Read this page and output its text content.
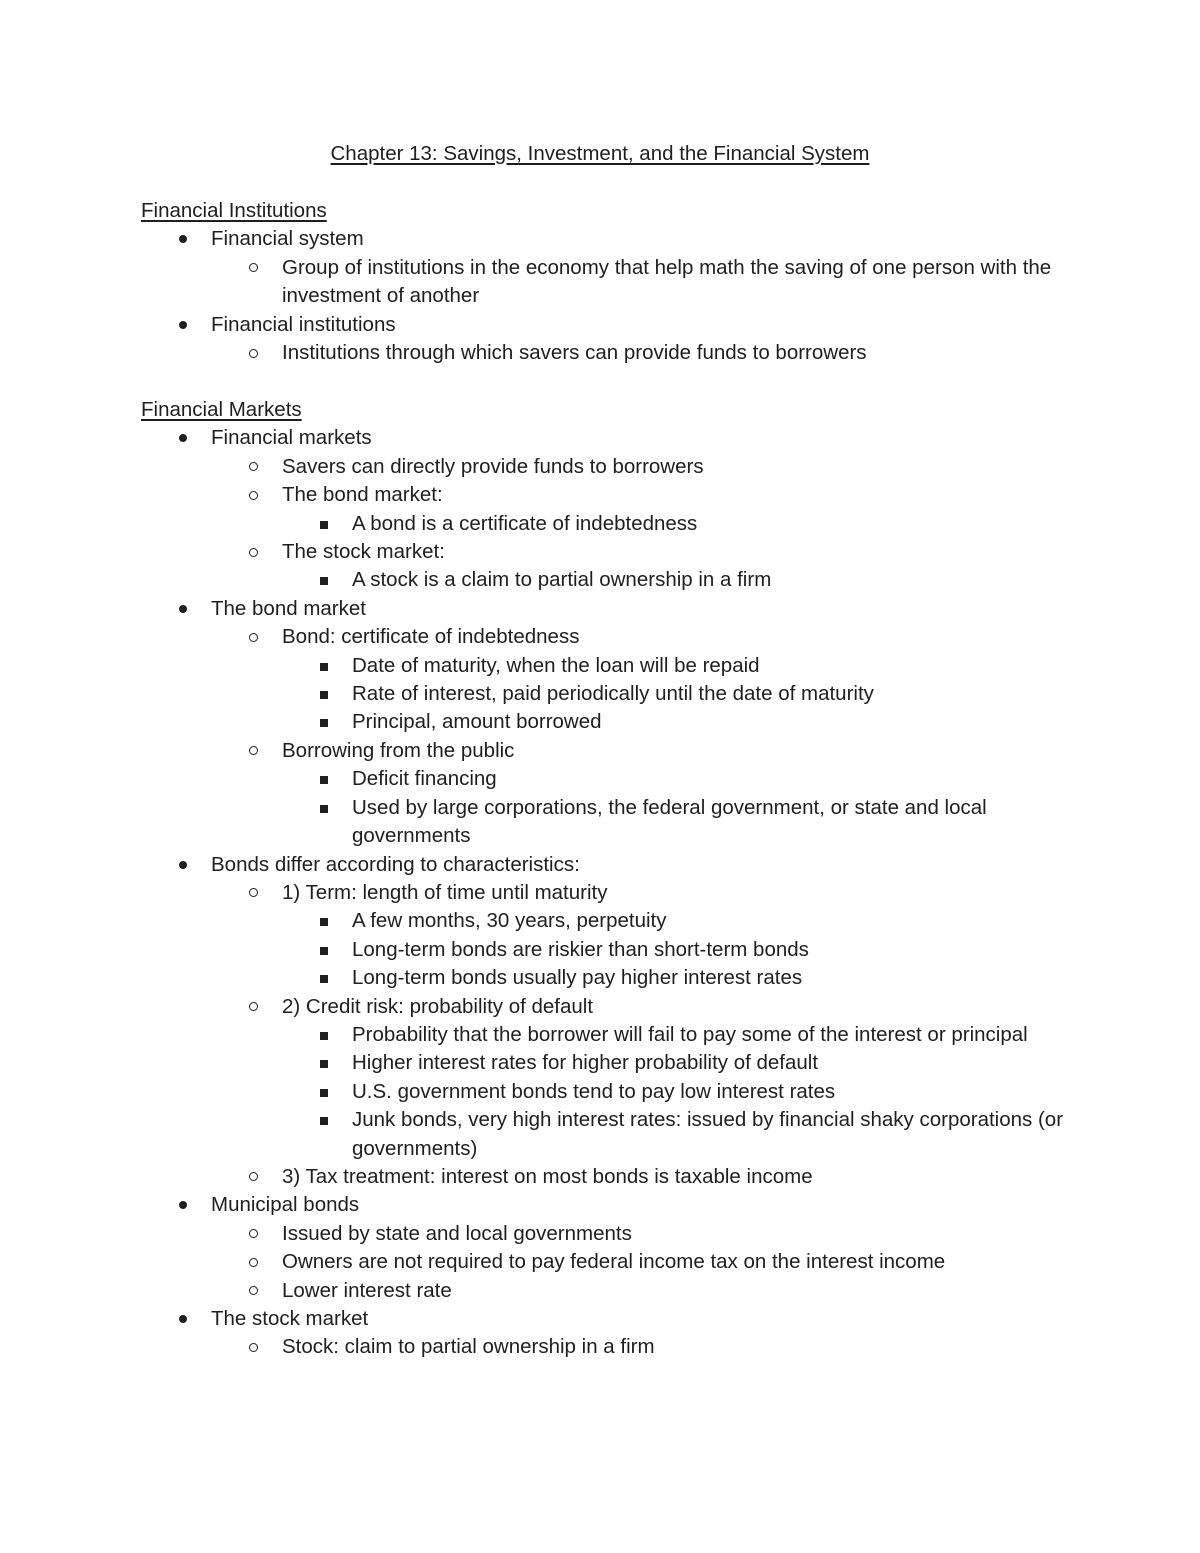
Chapter 13: Savings, Investment, and the Financial System
Financial Institutions
Financial system
Group of institutions in the economy that help math the saving of one person with the investment of another
Financial institutions
Institutions through which savers can provide funds to borrowers
Financial Markets
Financial markets
Savers can directly provide funds to borrowers
The bond market:
A bond is a certificate of indebtedness
The stock market:
A stock is a claim to partial ownership in a firm
The bond market
Bond: certificate of indebtedness
Date of maturity, when the loan will be repaid
Rate of interest, paid periodically until the date of maturity
Principal, amount borrowed
Borrowing from the public
Deficit financing
Used by large corporations, the federal government, or state and local governments
Bonds differ according to characteristics:
1) Term: length of time until maturity
A few months, 30 years, perpetuity
Long-term bonds are riskier than short-term bonds
Long-term bonds usually pay higher interest rates
2) Credit risk: probability of default
Probability that the borrower will fail to pay some of the interest or principal
Higher interest rates for higher probability of default
U.S. government bonds tend to pay low interest rates
Junk bonds, very high interest rates: issued by financial shaky corporations (or governments)
3) Tax treatment: interest on most bonds is taxable income
Municipal bonds
Issued by state and local governments
Owners are not required to pay federal income tax on the interest income
Lower interest rate
The stock market
Stock: claim to partial ownership in a firm
